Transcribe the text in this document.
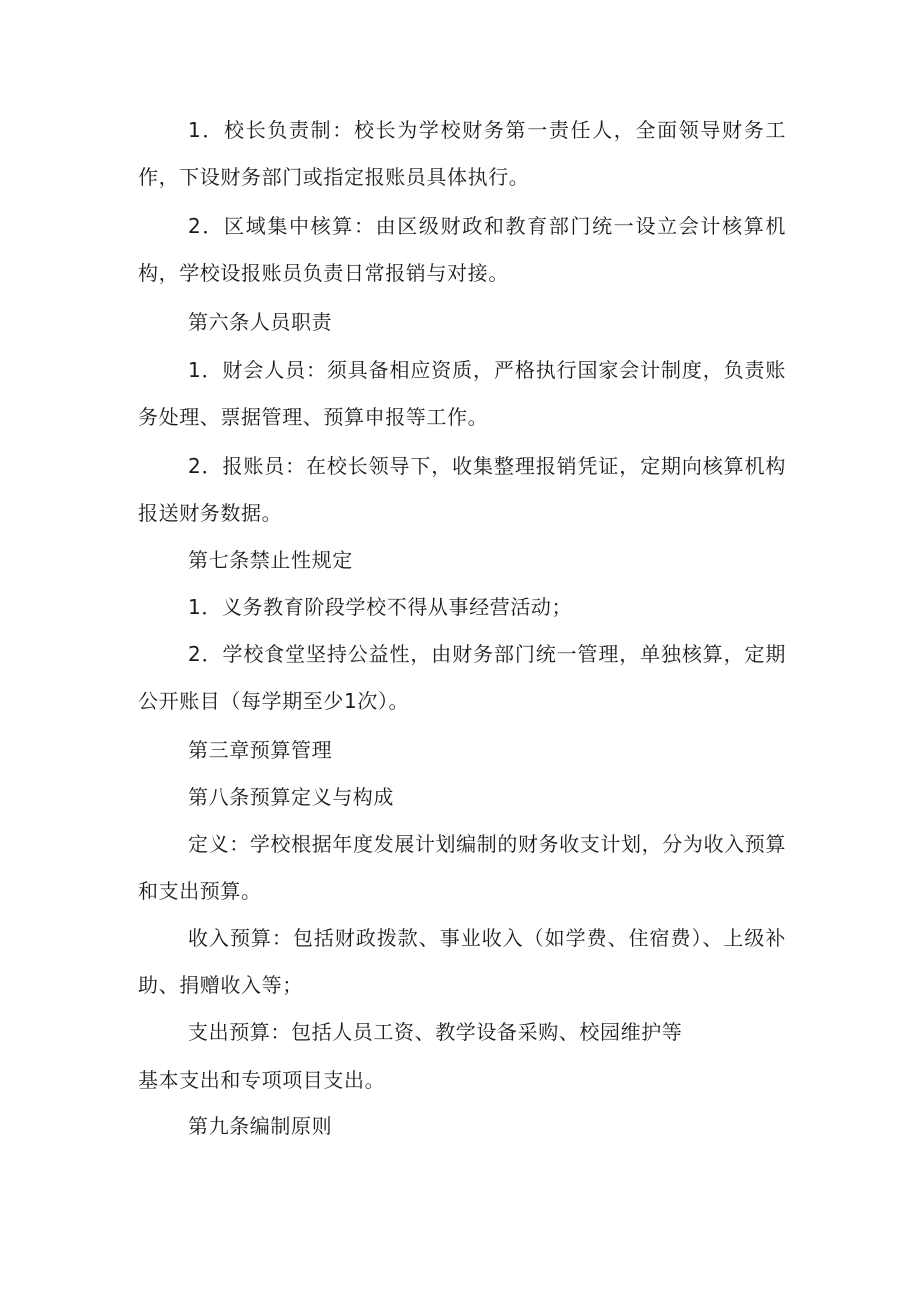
1．校长负责制：校长为学校财务第一责任人，全面领导财务工作，下设财务部门或指定报账员具体执行。

2．区域集中核算：由区级财政和教育部门统一设立会计核算机构，学校设报账员负责日常报销与对接。

第六条人员职责

1．财会人员：须具备相应资质，严格执行国家会计制度，负责账务处理、票据管理、预算申报等工作。

2．报账员：在校长领导下，收集整理报销凭证，定期向核算机构报送财务数据。

第七条禁止性规定

1．义务教育阶段学校不得从事经营活动；

2．学校食堂坚持公益性，由财务部门统一管理，单独核算，定期公开账目（每学期至少1次）。

第三章预算管理

第八条预算定义与构成

定义：学校根据年度发展计划编制的财务收支计划，分为收入预算和支出预算。

收入预算：包括财政拨款、事业收入（如学费、住宿费）、上级补助、捐赠收入等；

支出预算：包括人员工资、教学设备采购、校园维护等

基本支出和专项项目支出。

第九条编制原则
